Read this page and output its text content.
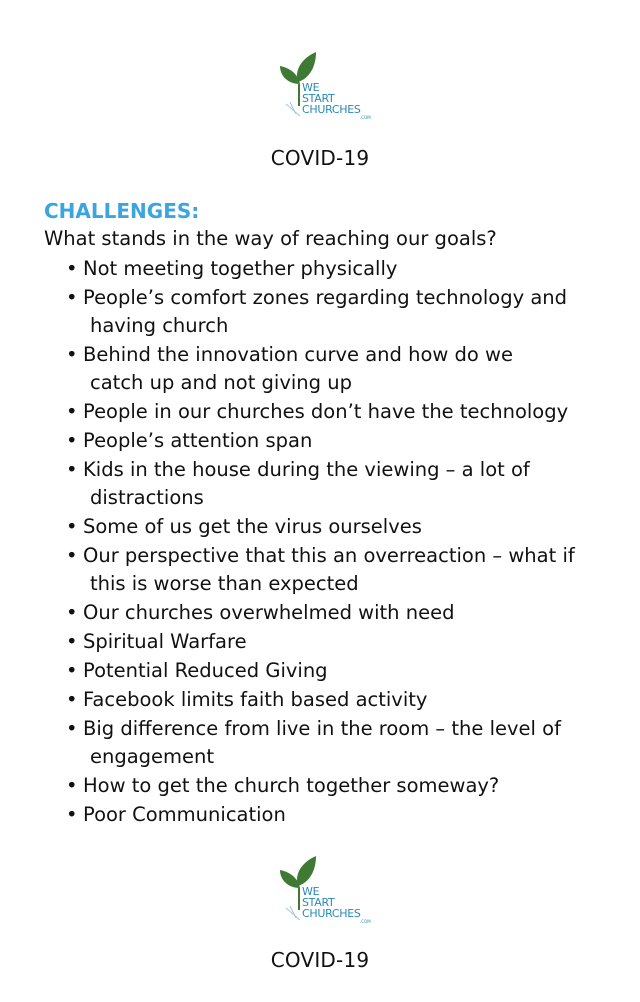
WE
START
CHURCHES
.COM
COVID-19
CHALLENGES:
What stands in the way of reaching our goals?
• Not meeting together physically
• People’s comfort zones regarding technology and
having church
• Behind the innovation curve and how do we
catch up and not giving up
• People in our churches don’t have the technology
• People’s attention span
• Kids in the house during the viewing – a lot of
distractions
• Some of us get the virus ourselves
• Our perspective that this an overreaction – what if
this is worse than expected
• Our churches overwhelmed with need
• Spiritual Warfare
• Potential Reduced Giving
• Facebook limits faith based activity
• Big difference from live in the room – the level of
engagement
• How to get the church together someway?
• Poor Communication
WE
START
CHURCHES
.COM
COVID-19
